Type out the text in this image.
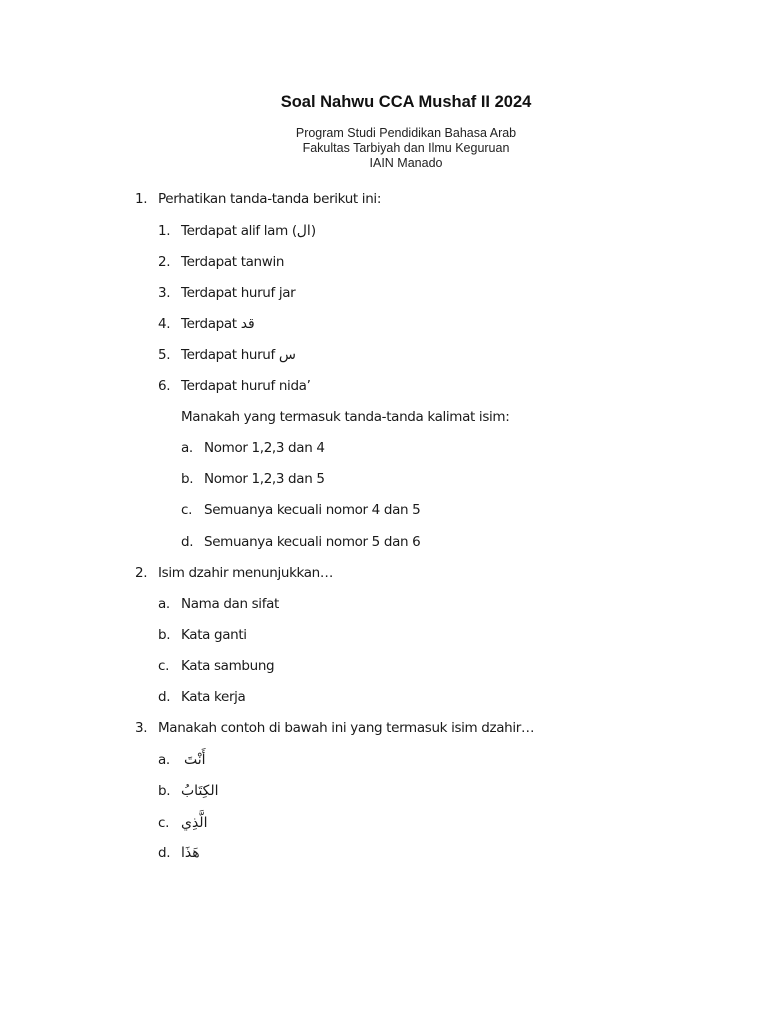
Soal Nahwu CCA Mushaf II 2024
Program Studi Pendidikan Bahasa Arab
Fakultas Tarbiyah dan Ilmu Keguruan
IAIN Manado
1. Perhatikan tanda-tanda berikut ini:
1. Terdapat alif lam (ال)
2. Terdapat tanwin
3. Terdapat huruf jar
4. Terdapat قد
5. Terdapat huruf س
6. Terdapat huruf nida’
Manakah yang termasuk tanda-tanda kalimat isim:
a. Nomor 1,2,3 dan 4
b. Nomor 1,2,3 dan 5
c. Semuanya kecuali nomor 4 dan 5
d. Semuanya kecuali nomor 5 dan 6
2. Isim dzahir menunjukkan…
a. Nama dan sifat
b. Kata ganti
c. Kata sambung
d. Kata kerja
3. Manakah contoh di bawah ini yang termasuk isim dzahir…
a. أَنْتَ
b. الكِتَابُ
c. الَّذِي
d. هَذَا
